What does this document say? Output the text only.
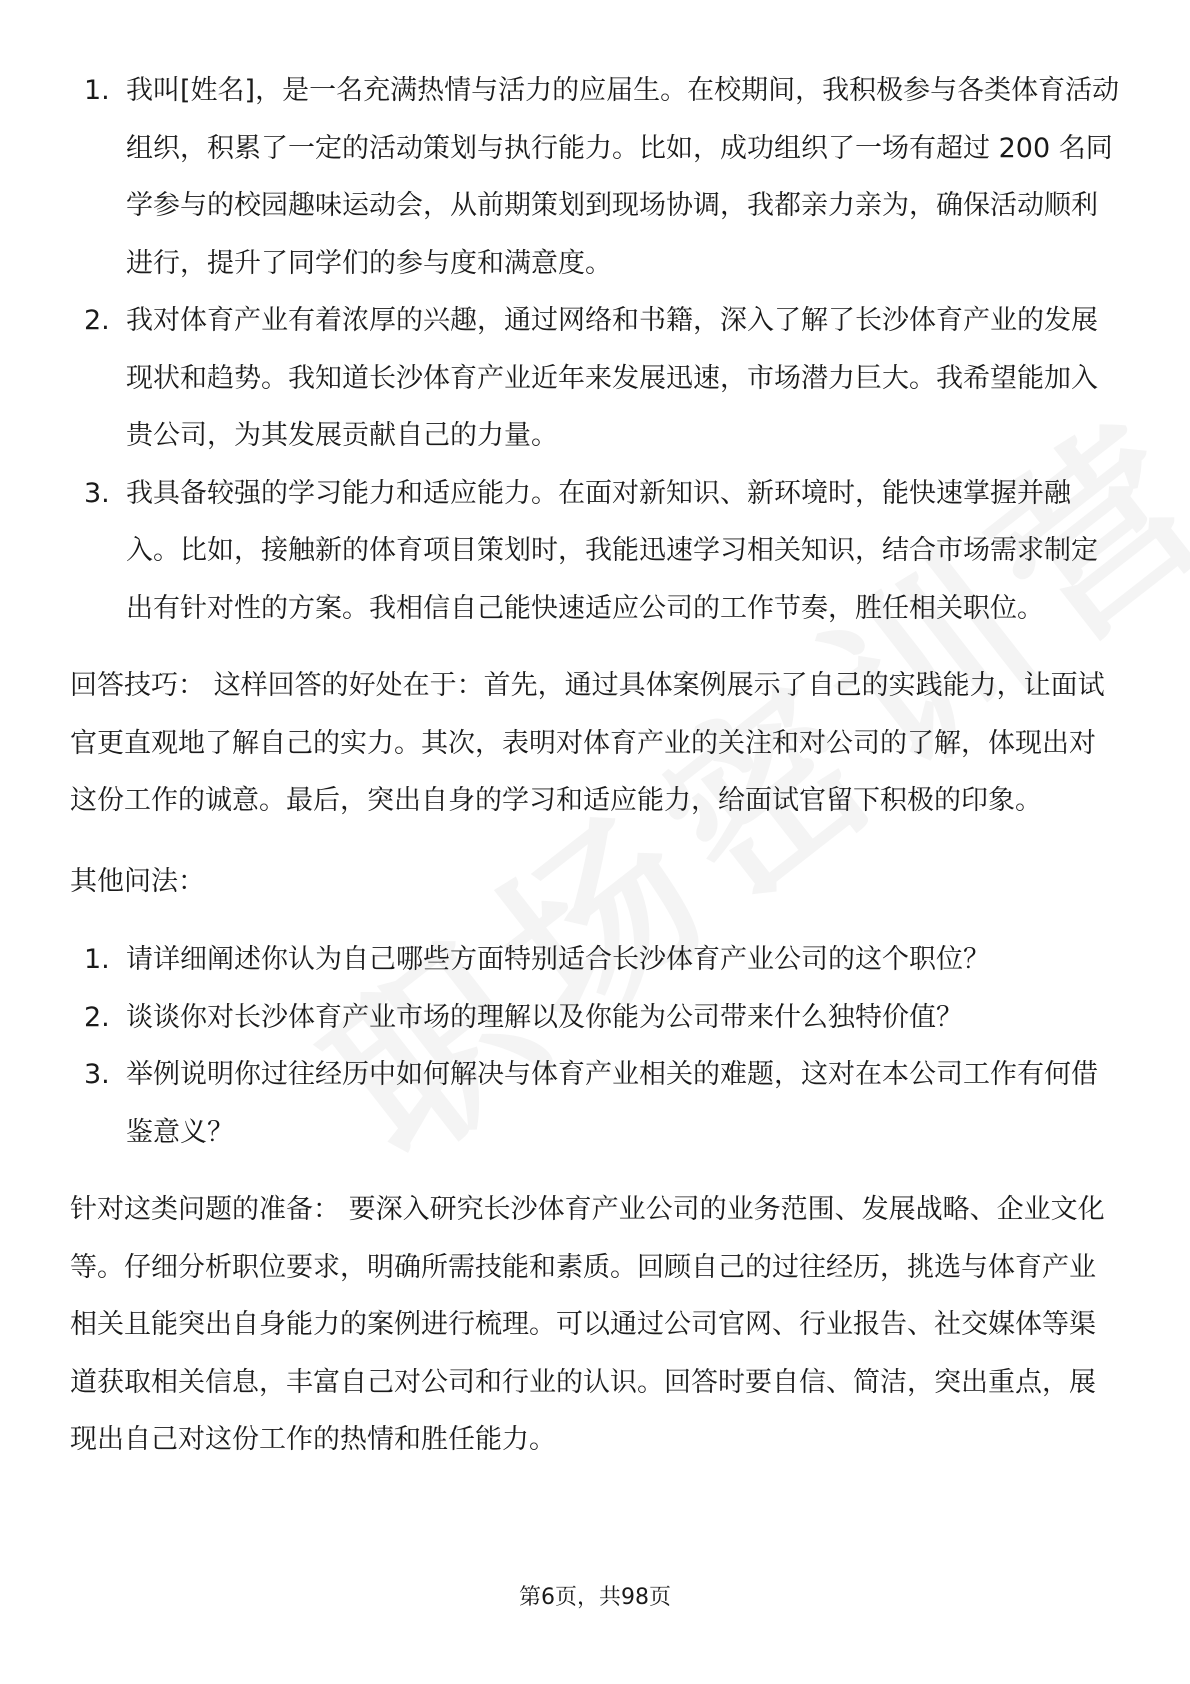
1. 我叫[姓名]，是一名充满热情与活力的应届生。在校期间，我积极参与各类体育活动组织，积累了一定的活动策划与执行能力。比如，成功组织了一场有超过 200 名同学参与的校园趣味运动会，从前期策划到现场协调，我都亲力亲为，确保活动顺利进行，提升了同学们的参与度和满意度。
2. 我对体育产业有着浓厚的兴趣，通过网络和书籍，深入了解了长沙体育产业的发展现状和趋势。我知道长沙体育产业近年来发展迅速，市场潜力巨大。我希望能加入贵公司，为其发展贡献自己的力量。
3. 我具备较强的学习能力和适应能力。在面对新知识、新环境时，能快速掌握并融入。比如，接触新的体育项目策划时，我能迅速学习相关知识，结合市场需求制定出有针对性的方案。我相信自己能快速适应公司的工作节奏，胜任相关职位。

回答技巧： 这样回答的好处在于：首先，通过具体案例展示了自己的实践能力，让面试官更直观地了解自己的实力。其次，表明对体育产业的关注和对公司的了解，体现出对这份工作的诚意。最后，突出自身的学习和适应能力，给面试官留下积极的印象。

其他问法：

1. 请详细阐述你认为自己哪些方面特别适合长沙体育产业公司的这个职位？
2. 谈谈你对长沙体育产业市场的理解以及你能为公司带来什么独特价值？
3. 举例说明你过往经历中如何解决与体育产业相关的难题，这对在本公司工作有何借鉴意义？

针对这类问题的准备： 要深入研究长沙体育产业公司的业务范围、发展战略、企业文化等。仔细分析职位要求，明确所需技能和素质。回顾自己的过往经历，挑选与体育产业相关且能突出自身能力的案例进行梳理。可以通过公司官网、行业报告、社交媒体等渠道获取相关信息，丰富自己对公司和行业的认识。回答时要自信、简洁，突出重点，展现出自己对这份工作的热情和胜任能力。

第6页，共98页
